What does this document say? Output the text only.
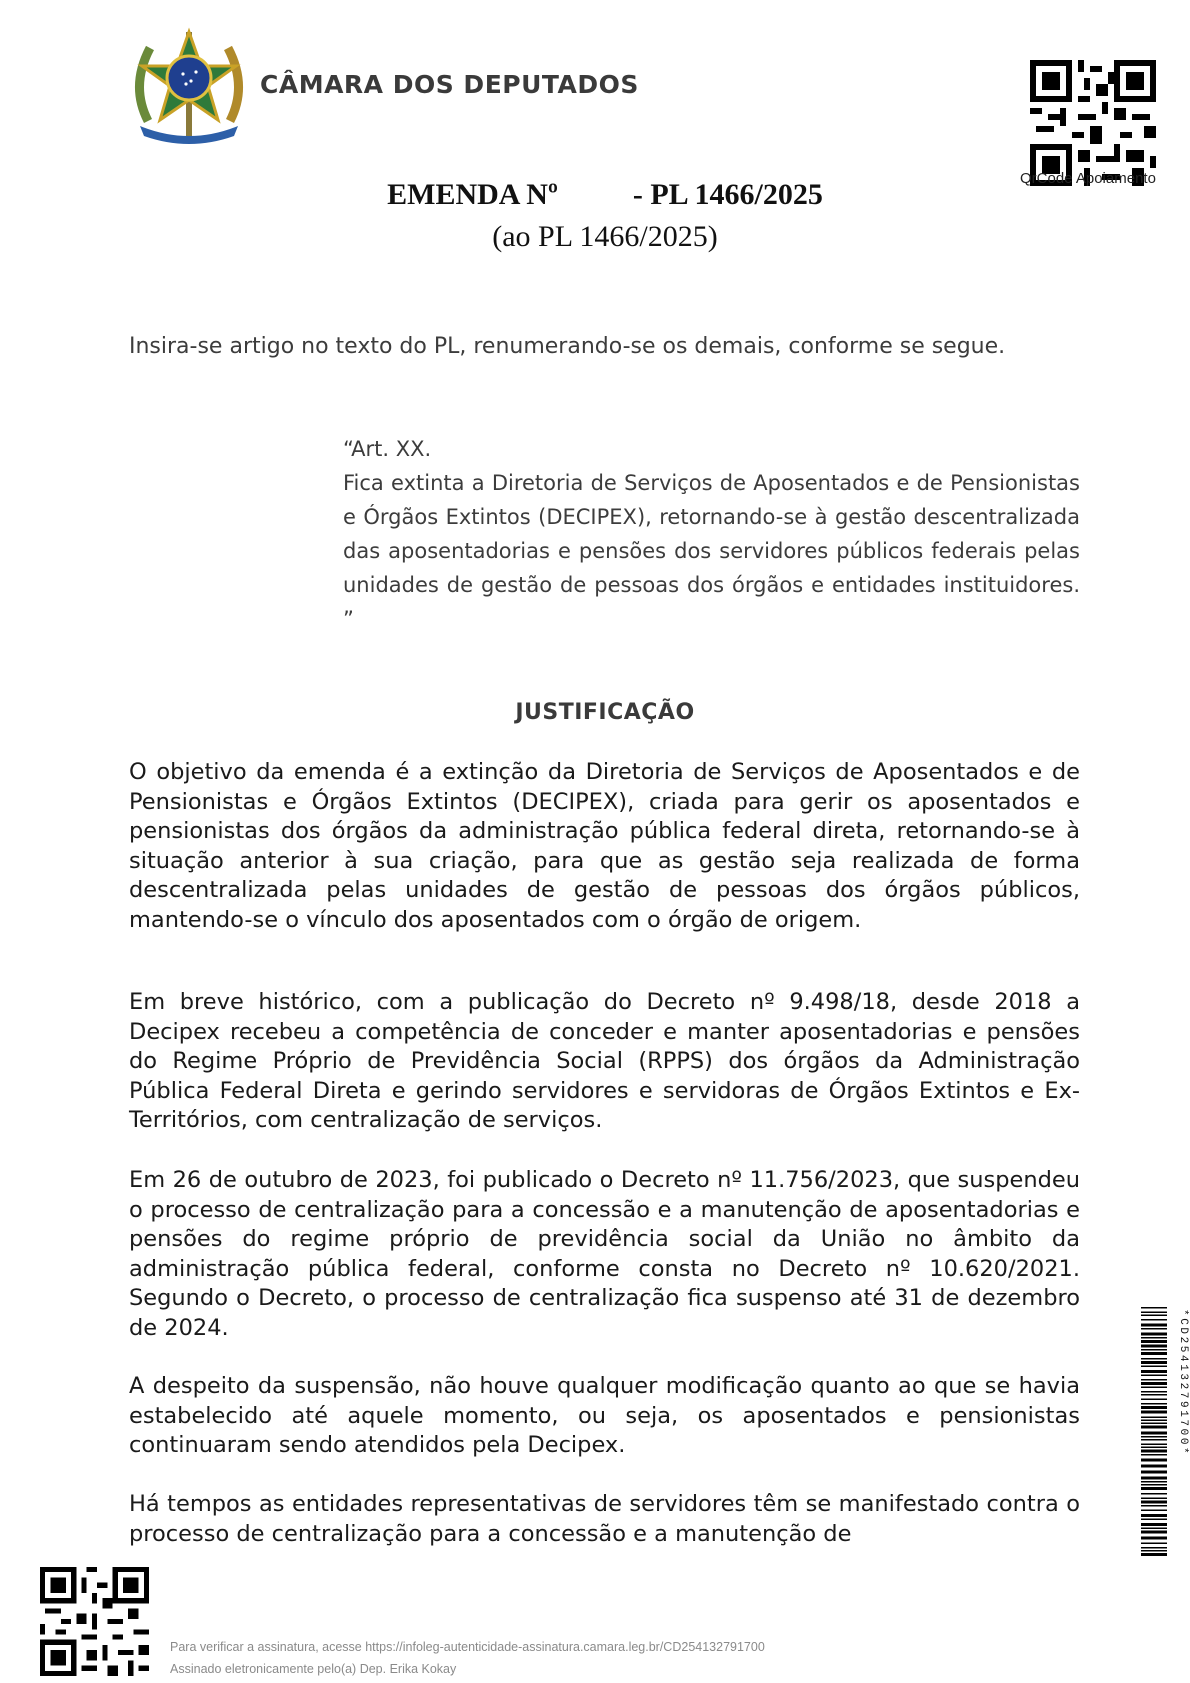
CÂMARA DOS DEPUTADOS
QrCode Apoiamento
EMENDA Nº          - PL 1466/2025
(ao PL 1466/2025)
Insira-se artigo no texto do PL, renumerando-se os demais, conforme se segue.
“Art. XX.
Fica extinta a Diretoria de Serviços de Aposentados e de Pensionistas e Órgãos Extintos (DECIPEX), retornando-se à gestão descentralizada das aposentadorias e pensões dos servidores públicos federais pelas unidades de gestão de pessoas dos órgãos e entidades instituidores. ”
JUSTIFICAÇÃO
O objetivo da emenda é a extinção da Diretoria de Serviços de Aposentados e de Pensionistas e Órgãos Extintos (DECIPEX), criada para gerir os aposentados e pensionistas dos órgãos da administração pública federal direta, retornando-se à situação anterior à sua criação, para que as gestão seja realizada de forma descentralizada pelas unidades de gestão de pessoas dos órgãos públicos, mantendo-se o vínculo dos aposentados com o órgão de origem.
Em breve histórico, com a publicação do Decreto nº 9.498/18, desde 2018 a Decipex recebeu a competência de conceder e manter aposentadorias e pensões do Regime Próprio de Previdência Social (RPPS) dos órgãos da Administração Pública Federal Direta e gerindo servidores e servidoras de Órgãos Extintos e Ex-Territórios, com centralização de serviços.
Em 26 de outubro de 2023, foi publicado o Decreto nº 11.756/2023, que suspendeu o processo de centralização para a concessão e a manutenção de aposentadorias e pensões do regime próprio de previdência social da União no âmbito da administração pública federal, conforme consta no Decreto nº 10.620/2021. Segundo o Decreto, o processo de centralização fica suspenso até 31 de dezembro de 2024.
A despeito da suspensão, não houve qualquer modificação quanto ao que se havia estabelecido até aquele momento, ou seja, os aposentados e pensionistas continuaram sendo atendidos pela Decipex.
Há tempos as entidades representativas de servidores têm se manifestado contra o processo de centralização para a concessão e a manutenção de
*CD254132791700*
Para verificar a assinatura, acesse https://infoleg-autenticidade-assinatura.camara.leg.br/CD254132791700
Assinado eletronicamente pelo(a) Dep. Erika Kokay
